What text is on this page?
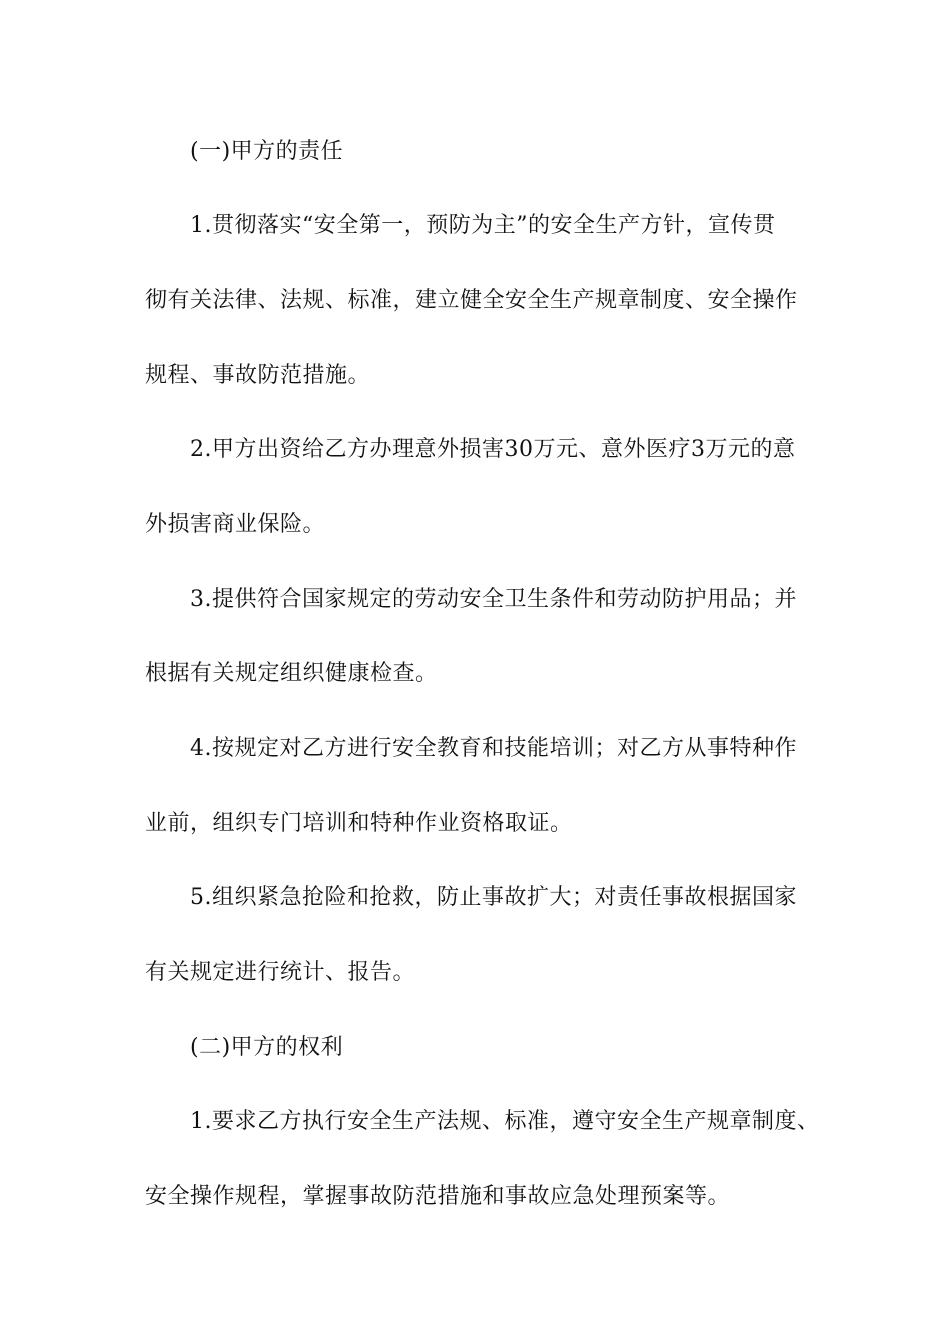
(一)甲方的责任
1.贯彻落实“安全第一，预防为主”的安全生产方针，宣传贯
彻有关法律、法规、标准，建立健全安全生产规章制度、安全操作
规程、事故防范措施。
2.甲方出资给乙方办理意外损害30万元、意外医疗3万元的意
外损害商业保险。
3.提供符合国家规定的劳动安全卫生条件和劳动防护用品；并
根据有关规定组织健康检查。
4.按规定对乙方进行安全教育和技能培训；对乙方从事特种作
业前，组织专门培训和特种作业资格取证。
5.组织紧急抢险和抢救，防止事故扩大；对责任事故根据国家
有关规定进行统计、报告。
(二)甲方的权利
1.要求乙方执行安全生产法规、标准，遵守安全生产规章制度、
安全操作规程，掌握事故防范措施和事故应急处理预案等。
